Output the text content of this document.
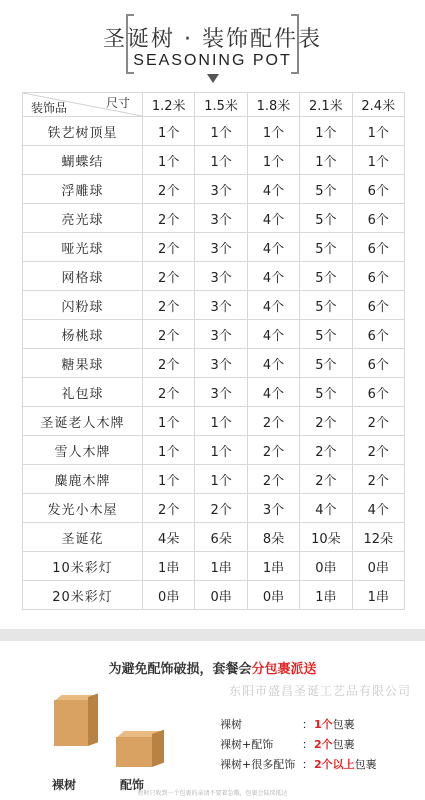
圣诞树 · 装饰配件表
SEASONING POT
尺寸
装饰品	1.2米	1.5米	1.8米	2.1米	2.4米
铁艺树顶星	1个	1个	1个	1个	1个
蝴蝶结	1个	1个	1个	1个	1个
浮雕球	2个	3个	4个	5个	6个
亮光球	2个	3个	4个	5个	6个
哑光球	2个	3个	4个	5个	6个
网格球	2个	3个	4个	5个	6个
闪粉球	2个	3个	4个	5个	6个
杨桃球	2个	3个	4个	5个	6个
糖果球	2个	3个	4个	5个	6个
礼包球	2个	3个	4个	5个	6个
圣诞老人木牌	1个	1个	2个	2个	2个
雪人木牌	1个	1个	2个	2个	2个
麋鹿木牌	1个	1个	2个	2个	2个
发光小木屋	2个	2个	3个	4个	4个
圣诞花	4朵	6朵	8朵	10朵	12朵
10米彩灯	1串	1串	1串	0串	0串
20米彩灯	0串	0串	0串	1串	1串
为避免配饰破损，套餐会分包裹派送
东阳市盛昌圣诞工艺品有限公司
裸树	配饰
裸树	： 1个包裹
裸树+配饰	： 2个包裹
裸树+很多配饰 ： 2个以上包裹
暂时只收到一个包裹的亲请不要着急哦，包裹会陆续抵达
